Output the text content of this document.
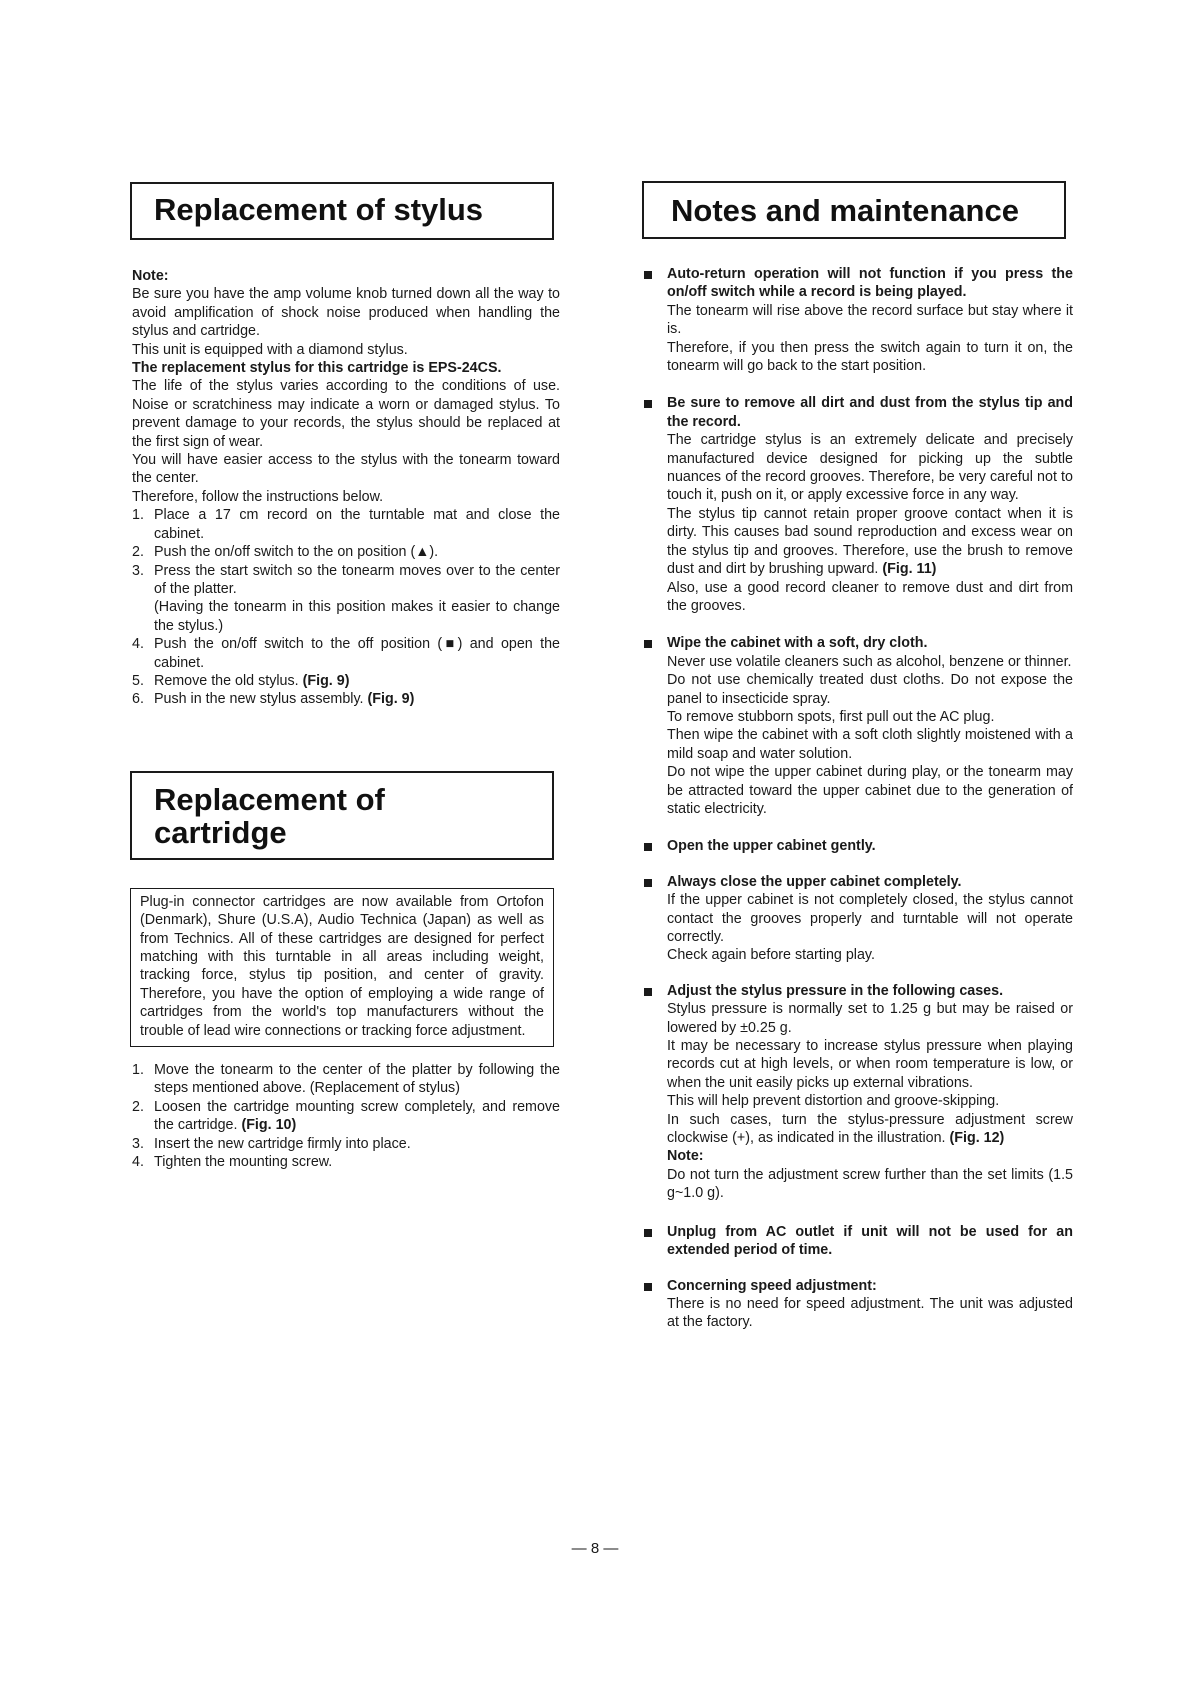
Replacement of stylus

Note:

Be sure you have the amp volume knob turned down all the way to avoid amplification of shock noise produced when handling the stylus and cartridge.

This unit is equipped with a diamond stylus.

The replacement stylus for this cartridge is EPS-24CS.

The life of the stylus varies according to the conditions of use. Noise or scratchiness may indicate a worn or damaged stylus. To prevent damage to your records, the stylus should be replaced at the first sign of wear.

You will have easier access to the stylus with the tonearm toward the center.

Therefore, follow the instructions below.

1. Place a 17 cm record on the turntable mat and close the cabinet.
2. Push the on/off switch to the on position (▲).
3. Press the start switch so the tonearm moves over to the center of the platter.
(Having the tonearm in this position makes it easier to change the stylus.)
4. Push the on/off switch to the off position (■) and open the cabinet.
5. Remove the old stylus. (Fig. 9)
6. Push in the new stylus assembly. (Fig. 9)
Replacement of
cartridge

Plug-in connector cartridges are now available from Ortofon (Denmark), Shure (U.S.A), Audio Technica (Japan) as well as from Technics. All of these cartridges are designed for perfect matching with this turntable in all areas including weight, tracking force, stylus tip position, and center of gravity. Therefore, you have the option of employing a wide range of cartridges from the world's top manufacturers without the trouble of lead wire connections or tracking force adjustment.

1. Move the tonearm to the center of the platter by following the steps mentioned above. (Replacement of stylus)
2. Loosen the cartridge mounting screw completely, and remove the cartridge. (Fig. 10)
3. Insert the new cartridge firmly into place.
4. Tighten the mounting screw.
Notes and maintenance

Auto-return operation will not function if you press the on/off switch while a record is being played.

The tonearm will rise above the record surface but stay where it is.

Therefore, if you then press the switch again to turn it on, the tonearm will go back to the start position.

Be sure to remove all dirt and dust from the stylus tip and the record.

The cartridge stylus is an extremely delicate and precisely manufactured device designed for picking up the subtle nuances of the record grooves. Therefore, be very careful not to touch it, push on it, or apply excessive force in any way.

The stylus tip cannot retain proper groove contact when it is dirty. This causes bad sound reproduction and excess wear on the stylus tip and grooves. Therefore, use the brush to remove dust and dirt by brushing upward. (Fig. 11)

Also, use a good record cleaner to remove dust and dirt from the grooves.

Wipe the cabinet with a soft, dry cloth.

Never use volatile cleaners such as alcohol, benzene or thinner.

Do not use chemically treated dust cloths. Do not expose the panel to insecticide spray.

To remove stubborn spots, first pull out the AC plug.

Then wipe the cabinet with a soft cloth slightly moistened with a mild soap and water solution.

Do not wipe the upper cabinet during play, or the tonearm may be attracted toward the upper cabinet due to the generation of static electricity.

Open the upper cabinet gently.

Always close the upper cabinet completely.

If the upper cabinet is not completely closed, the stylus cannot contact the grooves properly and turntable will not operate correctly.

Check again before starting play.

Adjust the stylus pressure in the following cases.

Stylus pressure is normally set to 1.25 g but may be raised or lowered by ±0.25 g.

It may be necessary to increase stylus pressure when playing records cut at high levels, or when room temperature is low, or when the unit easily picks up external vibrations.

This will help prevent distortion and groove-skipping.

In such cases, turn the stylus-pressure adjustment screw clockwise (+), as indicated in the illustration. (Fig. 12)

Note:

Do not turn the adjustment screw further than the set limits (1.5 g~1.0 g).

Unplug from AC outlet if unit will not be used for an extended period of time.

Concerning speed adjustment:

There is no need for speed adjustment. The unit was adjusted at the factory.

— 8 —
